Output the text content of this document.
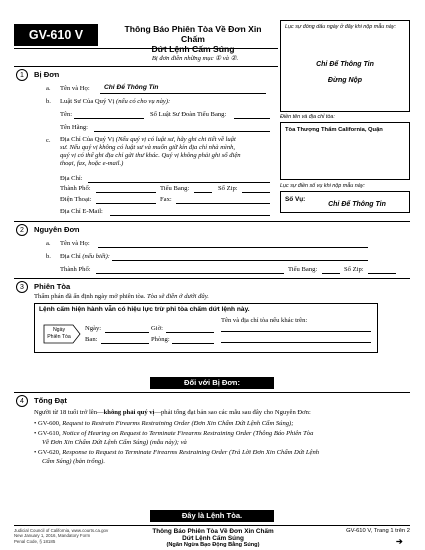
GV-610 V	Thông Báo Phiên Tòa Về Đơn Xin Chấm
Dứt Lệnh Cấm Súng
Bị đơn điền những mục ① và ②.
Lục sự đóng dấu ngày ở đây khi nộp mẫu này:
Chỉ Để Thông Tin
Đừng Nộp
Điền tên và địa chỉ tòa:
Tòa Thượng Thẩm California, Quận
Lục sự điền số vụ khi nộp mẫu này:
Số Vụ:
Chỉ Để Thông Tin
1	Bị Đơn
a. Tên và Họ: Chỉ Để Thông Tin
b. Luật Sư Của Quý Vị (nếu có cho vụ này):
Tên:	Số Luật Sư Đoàn Tiểu Bang:
Tên Hãng:
c. Địa Chỉ Của Quý Vị (Nếu quý vị có luật sư, hãy ghi chi tiết về luật
sư. Nếu quý vị không có luật sư và muốn giữ kín địa chỉ nhà mình,
quý vị có thể ghi địa chỉ gửi thư khác. Quý vị không phải ghi số điện
thoại, fax, hoặc e-mail.)
Địa Chỉ:
Thành Phố:	Tiểu Bang:	Số Zip:
Điện Thoại:	Fax:
Địa Chỉ E-Mail:
2	Nguyên Đơn
a. Tên và Họ:
b. Địa Chỉ (nếu biết):
Thành Phố:	Tiểu Bang:	Số Zip:
3	Phiên Tòa
Thẩm phán đã ấn định ngày mở phiên tòa. Tòa sẽ điền ở dưới đây.
Lệnh cấm hiện hành vẫn có hiệu lực trừ phi tòa chấm dứt lệnh này.
Ngày
Phiên Tòa
Ngày:	Giờ:
Ban:	Phòng:
Tên và địa chỉ tòa nếu khác trên:
Đối với Bị Đơn:
4	Tống Đạt
Người từ 18 tuổi trở lên—không phải quý vị—phải tống đạt bản sao các mẫu sau đây cho Nguyên Đơn:
• GV-600, Request to Restrain Firearms Restraining Order (Đơn Xin Chấm Dứt Lệnh Cấm Súng);
• GV-610, Notice of Hearing on Request to Terminate Firearms Restraining Order (Thông Báo Phiên Tòa
Về Đơn Xin Chấm Dứt Lệnh Cấm Súng) (mẫu này); và
• GV-620, Response to Request to Terminate Firearms Restraining Order (Trả Lời Đơn Xin Chấm Dứt Lệnh
Cấm Súng) (bản trống).
Đây là Lệnh Tòa.
Judicial Council of California, www.courts.ca.gov
New January 1, 2016, Mandatory Form
Penal Code, § 18185
Thông Báo Phiên Tòa Về Đơn Xin Chấm
Dứt Lệnh Cấm Súng
(Ngăn Ngừa Bạo Động Bằng Súng)
GV-610 V, Trang 1 trên 2
➔
